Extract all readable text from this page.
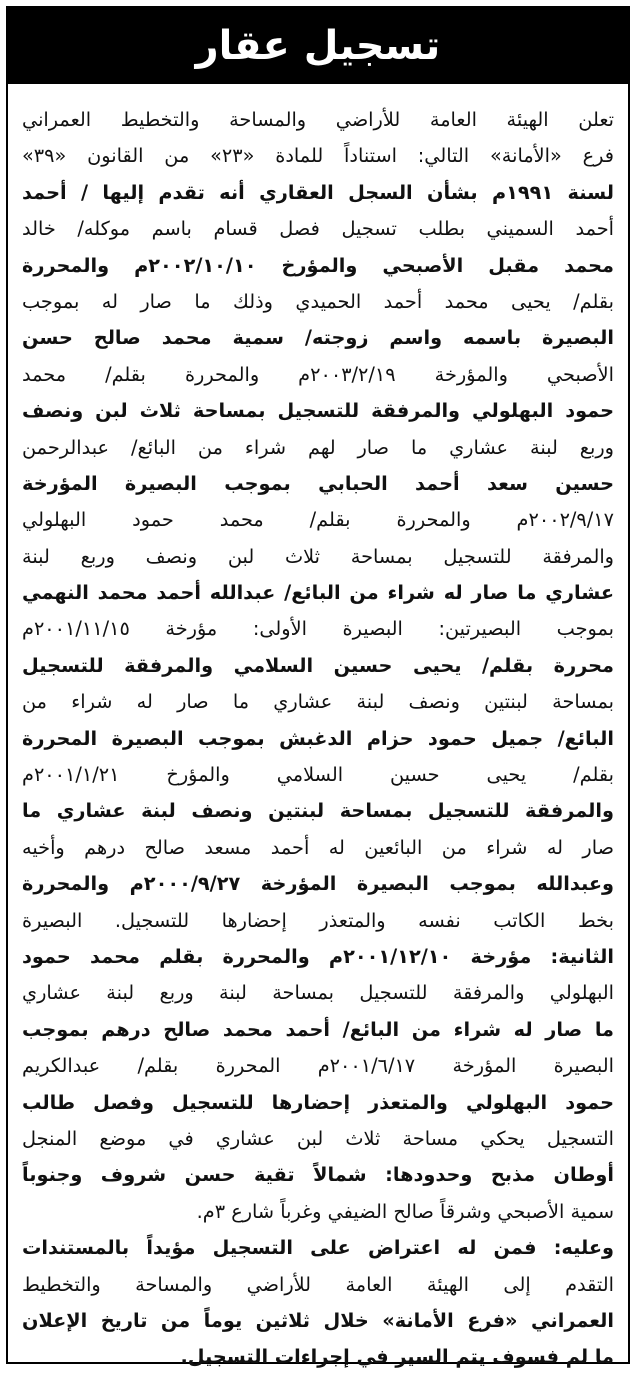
تسجيل عقار
تعلن الهيئة العامة للأراضي والمساحة والتخطيط العمراني
فرع «الأمانة» التالي: استناداً للمادة «٢٣» من القانون «٣٩»
لسنة ١٩٩١م بشأن السجل العقاري أنه تقدم إليها / أحمد
أحمد السميني بطلب تسجيل فصل قسام باسم موكله/ خالد
محمد مقبل الأصبحي والمؤرخ ٢٠٠٢/١٠/١٠م والمحررة
بقلم/ يحيى محمد أحمد الحميدي وذلك ما صار له بموجب
البصيرة باسمه واسم زوجته/ سمية محمد صالح حسن
الأصبحي والمؤرخة ٢٠٠٣/٢/١٩م والمحررة بقلم/ محمد
حمود البهلولي والمرفقة للتسجيل بمساحة ثلاث لبن ونصف
وربع لبنة عشاري ما صار لهم شراء من البائع/ عبدالرحمن
حسين سعد أحمد الحبابي بموجب البصيرة المؤرخة
٢٠٠٢/٩/١٧م والمحررة بقلم/ محمد حمود البهلولي
والمرفقة للتسجيل بمساحة ثلاث لبن ونصف وربع لبنة
عشاري ما صار له شراء من البائع/ عبدالله أحمد محمد النهمي
بموجب البصيرتين: البصيرة الأولى: مؤرخة ٢٠٠١/١١/١٥م
محررة بقلم/ يحيى حسين السلامي والمرفقة للتسجيل
بمساحة لبنتين ونصف لبنة عشاري ما صار له شراء من
البائع/ جميل حمود حزام الدغبش بموجب البصيرة المحررة
بقلم/ يحيى حسين السلامي والمؤرخ ٢٠٠١/١/٢١م
والمرفقة للتسجيل بمساحة لبنتين ونصف لبنة عشاري ما
صار له شراء من البائعين له أحمد مسعد صالح درهم وأخيه
وعبدالله بموجب البصيرة المؤرخة ٢٠٠٠/٩/٢٧م والمحررة
بخط الكاتب نفسه والمتعذر إحضارها للتسجيل. البصيرة
الثانية: مؤرخة ٢٠٠١/١٢/١٠م والمحررة بقلم محمد حمود
البهلولي والمرفقة للتسجيل بمساحة لبنة وربع لبنة عشاري
ما صار له شراء من البائع/ أحمد محمد صالح درهم بموجب
البصيرة المؤرخة ٢٠٠١/٦/١٧م المحررة بقلم/ عبدالكريم
حمود البهلولي والمتعذر إحضارها للتسجيل وفصل طالب
التسجيل يحكي مساحة ثلاث لبن عشاري في موضع المنجل
أوطان مذبح وحدودها: شمالاً تقية حسن شروف وجنوباً
سمية الأصبحي وشرقاً صالح الضيفي وغرباً شارع ٣م.
وعليه: فمن له اعتراض على التسجيل مؤيداً بالمستندات
التقدم إلى الهيئة العامة للأراضي والمساحة والتخطيط
العمراني «فرع الأمانة» خلال ثلاثين يوماً من تاريخ الإعلان
ما لم فسوف يتم السير في إجراءات التسجيل.
